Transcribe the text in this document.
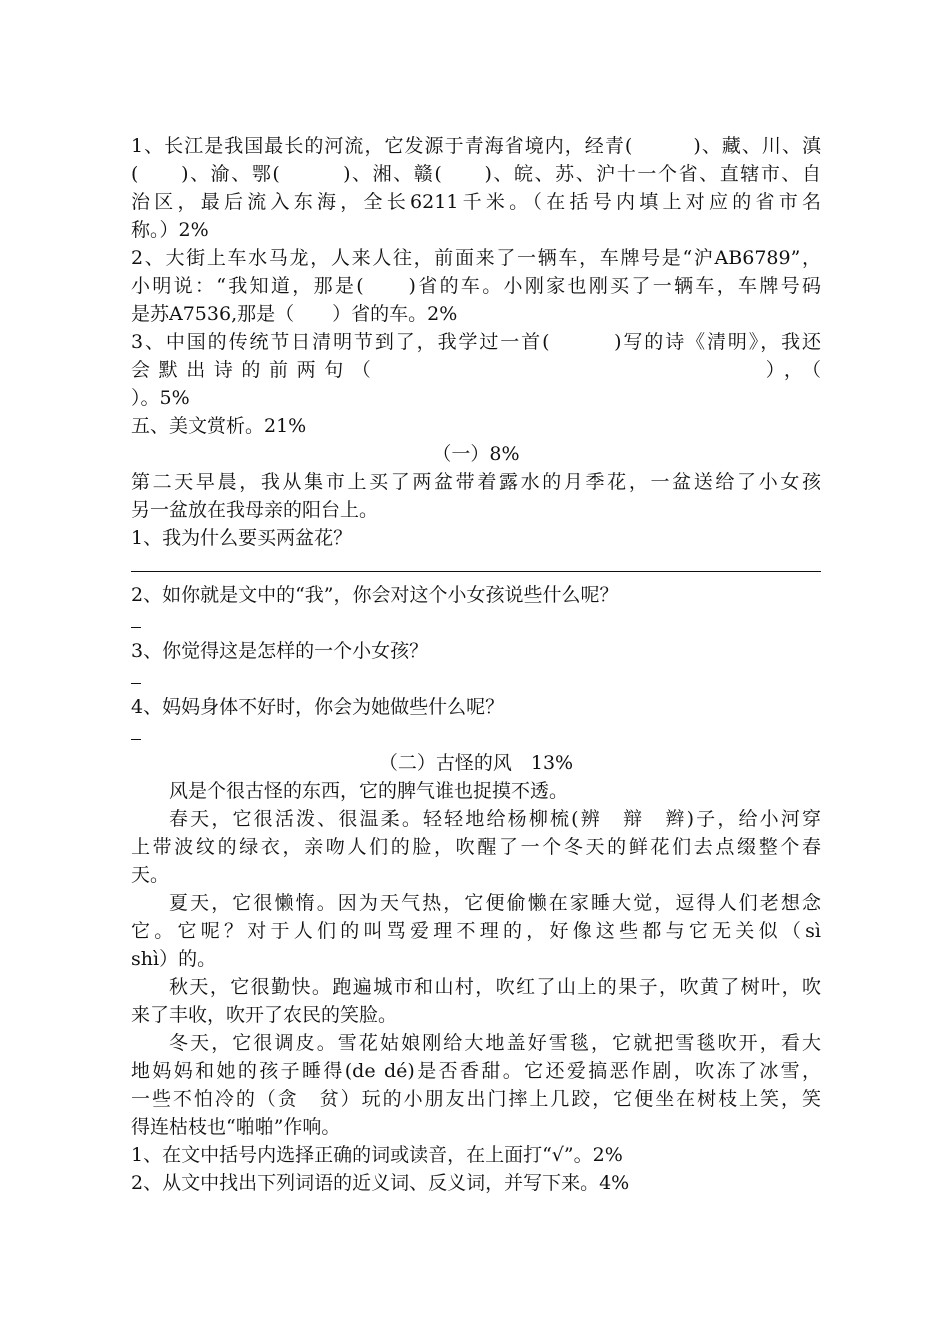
1、长江是我国最长的河流，它发源于青海省境内，经青(　　　)、藏、川、滇

(　　)、渝、鄂(　　　)、湘、赣(　　)、皖、苏、沪十一个省、直辖市、自

治区，最后流入东海，全长6211千米。（在括号内填上对应的省市名

称。）2%

2、大街上车水马龙，人来人往，前面来了一辆车，车牌号是“沪AB6789”，

小明说：“我知道，那是(　　)省的车。小刚家也刚买了一辆车，车牌号码

是苏A7536,那是（　　）省的车。2%

3、中国的传统节日清明节到了，我学过一首(　　　)写的诗《清明》，我还

会默出诗的前两句（　　　　　　　　　　　　　　），（

）。5%

五、美文赏析。21%

（一）8%

第二天早晨，我从集市上买了两盆带着露水的月季花，一盆送给了小女孩

另一盆放在我母亲的阳台上。

1、我为什么要买两盆花？

2、如你就是文中的“我”，你会对这个小女孩说些什么呢？

3、你觉得这是怎样的一个小女孩？

4、妈妈身体不好时，你会为她做些什么呢？

（二）古怪的风　13%

风是个很古怪的东西，它的脾气谁也捉摸不透。

春天，它很活泼、很温柔。轻轻地给杨柳梳(辨　辩　辫)子，给小河穿

上带波纹的绿衣，亲吻人们的脸，吹醒了一个冬天的鲜花们去点缀整个春

天。

夏天，它很懒惰。因为天气热，它便偷懒在家睡大觉，逗得人们老想念

它。它呢？对于人们的叫骂爱理不理的，好像这些都与它无关似（sì

shì）的。

秋天，它很勤快。跑遍城市和山村，吹红了山上的果子，吹黄了树叶，吹

来了丰收，吹开了农民的笑脸。

冬天，它很调皮。雪花姑娘刚给大地盖好雪毯，它就把雪毯吹开，看大

地妈妈和她的孩子睡得(de dé)是否香甜。它还爱搞恶作剧，吹冻了冰雪，

一些不怕冷的（贪　贫）玩的小朋友出门摔上几跤，它便坐在树枝上笑，笑

得连枯枝也“啪啪”作响。

1、在文中括号内选择正确的词或读音，在上面打“√”。2%

2、从文中找出下列词语的近义词、反义词，并写下来。4%
